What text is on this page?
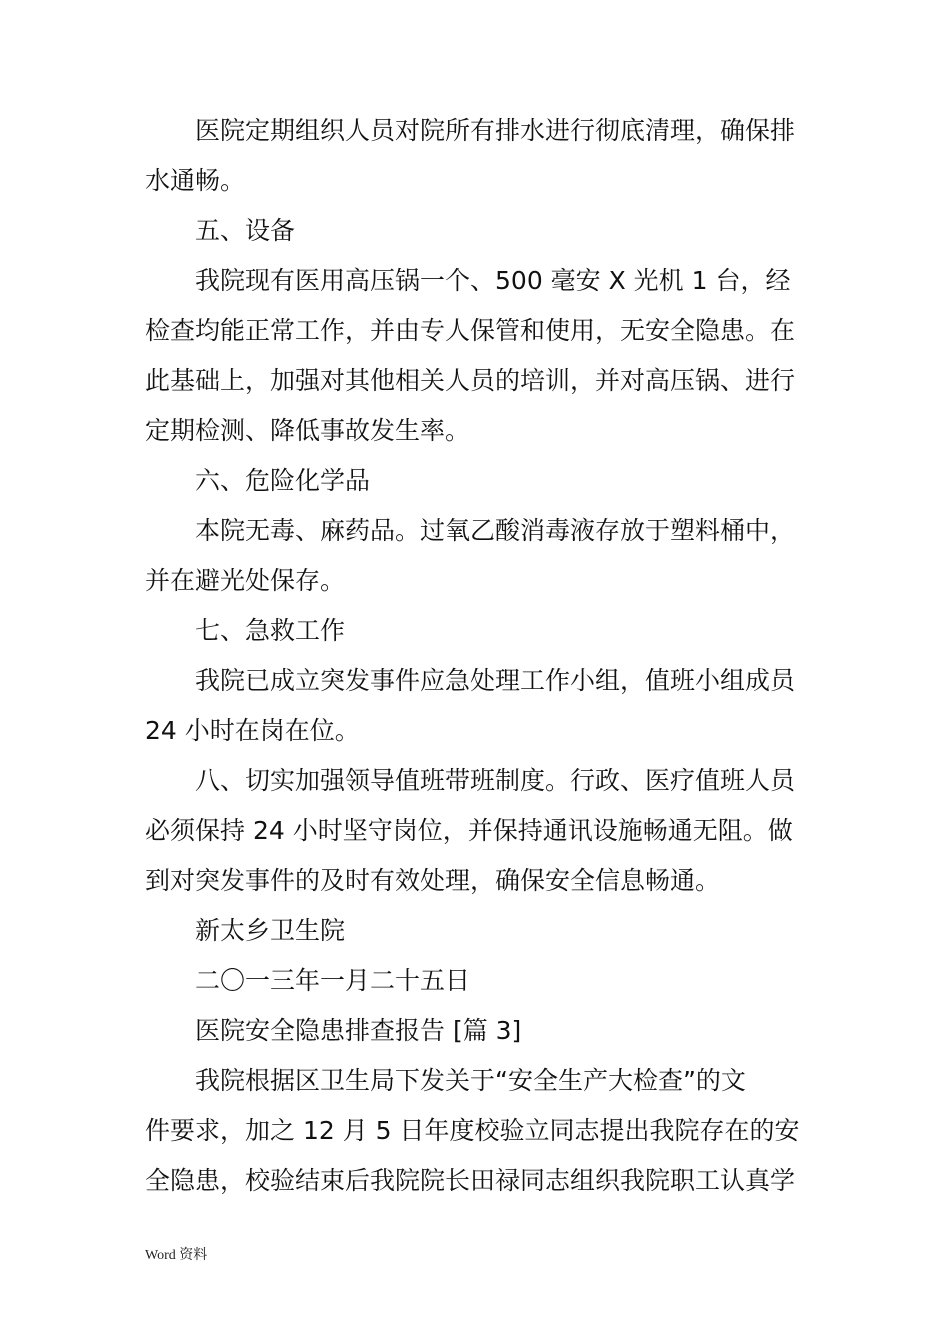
医院定期组织人员对院所有排水进行彻底清理，确保排
水通畅。
五、设备
我院现有医用高压锅一个、500 毫安 X 光机 1 台，经
检查均能正常工作，并由专人保管和使用，无安全隐患。在
此基础上，加强对其他相关人员的培训，并对高压锅、进行
定期检测、降低事故发生率。
六、危险化学品
本院无毒、麻药品。过氧乙酸消毒液存放于塑料桶中，
并在避光处保存。
七、急救工作
我院已成立突发事件应急处理工作小组，值班小组成员
24 小时在岗在位。
八、切实加强领导值班带班制度。行政、医疗值班人员
必须保持 24 小时坚守岗位，并保持通讯设施畅通无阻。做
到对突发事件的及时有效处理，确保安全信息畅通。
新太乡卫生院
二〇一三年一月二十五日
医院安全隐患排查报告 [篇 3]
我院根据区卫生局下发关于“安全生产大检查”的文
件要求，加之 12 月 5 日年度校验立同志提出我院存在的安
全隐患，校验结束后我院院长田禄同志组织我院职工认真学
Word 资料
